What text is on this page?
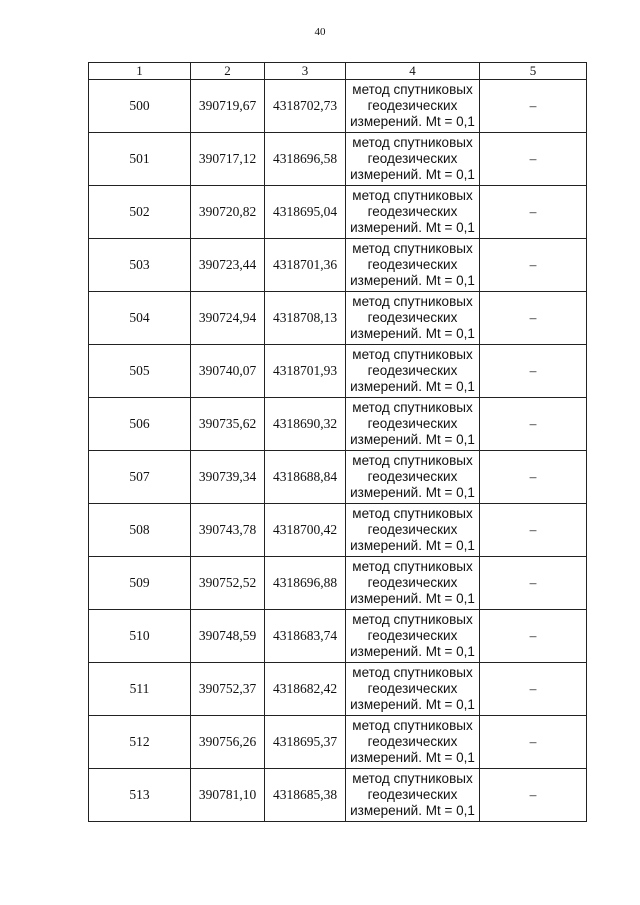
40
1	2	3	4	5
500	390719,67	4318702,73	метод спутниковых
геодезических
измерений. Mt = 0,1	–
501	390717,12	4318696,58	метод спутниковых
геодезических
измерений. Mt = 0,1	–
502	390720,82	4318695,04	метод спутниковых
геодезических
измерений. Mt = 0,1	–
503	390723,44	4318701,36	метод спутниковых
геодезических
измерений. Mt = 0,1	–
504	390724,94	4318708,13	метод спутниковых
геодезических
измерений. Mt = 0,1	–
505	390740,07	4318701,93	метод спутниковых
геодезических
измерений. Mt = 0,1	–
506	390735,62	4318690,32	метод спутниковых
геодезических
измерений. Mt = 0,1	–
507	390739,34	4318688,84	метод спутниковых
геодезических
измерений. Mt = 0,1	–
508	390743,78	4318700,42	метод спутниковых
геодезических
измерений. Mt = 0,1	–
509	390752,52	4318696,88	метод спутниковых
геодезических
измерений. Mt = 0,1	–
510	390748,59	4318683,74	метод спутниковых
геодезических
измерений. Mt = 0,1	–
511	390752,37	4318682,42	метод спутниковых
геодезических
измерений. Mt = 0,1	–
512	390756,26	4318695,37	метод спутниковых
геодезических
измерений. Mt = 0,1	–
513	390781,10	4318685,38	метод спутниковых
геодезических
измерений. Mt = 0,1	–
